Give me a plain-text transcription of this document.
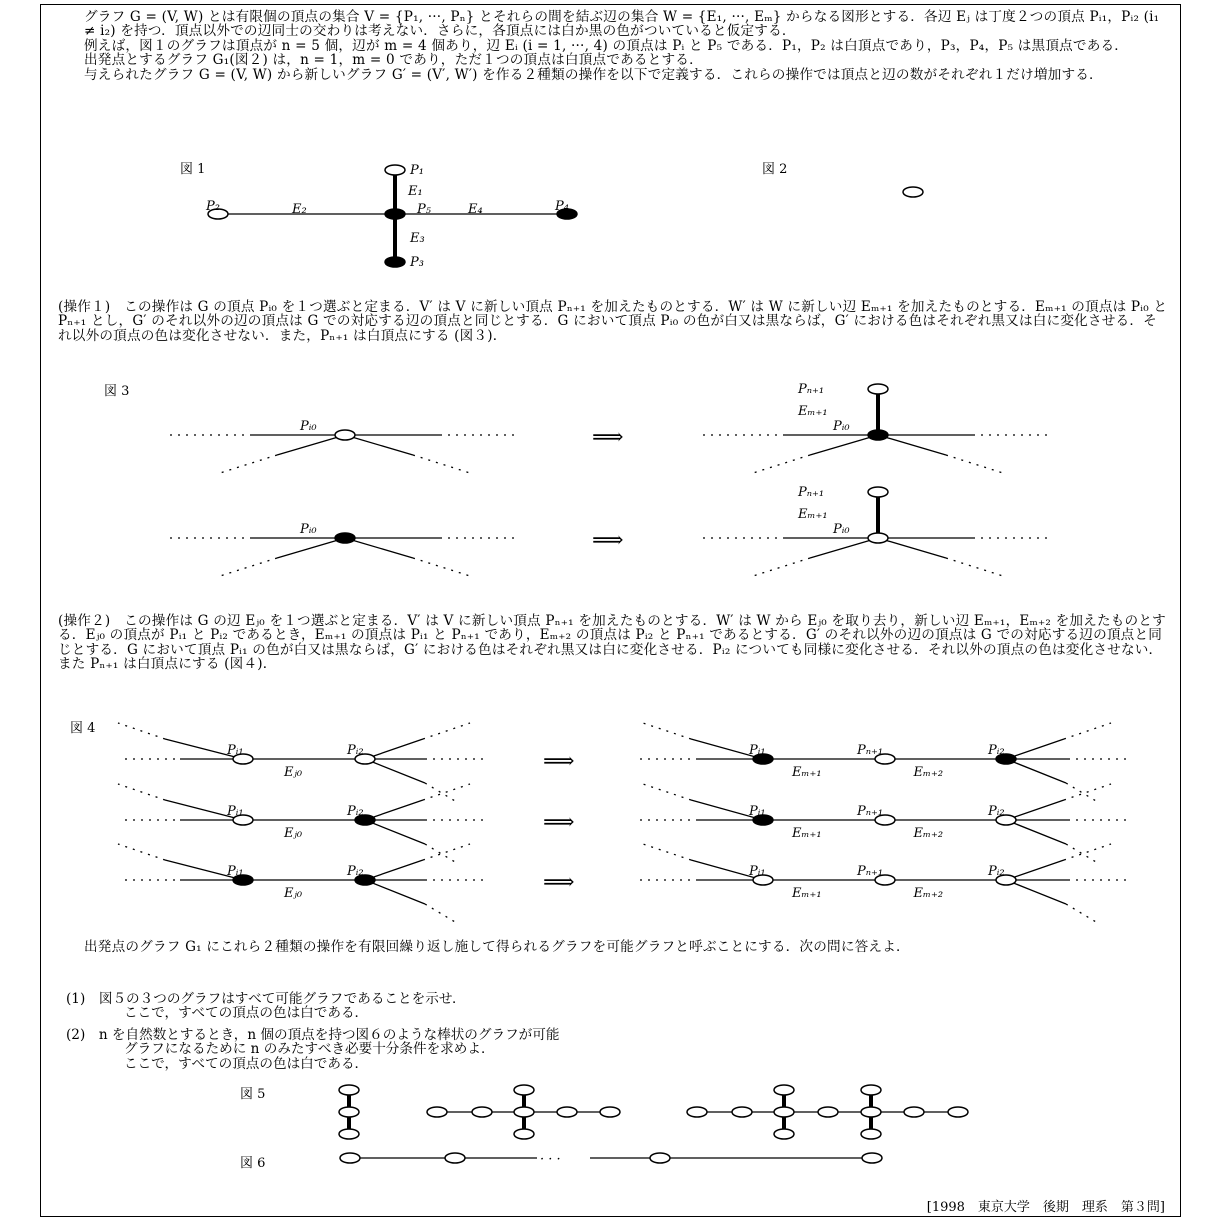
グラフ G = (V, W) とは有限個の頂点の集合 V = {P₁, ···, Pₙ} とそれらの間を結ぶ辺の集合 W = {E₁, ···, Eₘ} からなる図形とする．各辺 Eⱼ は丁度２つの頂点 Pᵢ₁，Pᵢ₂ (i₁ ≠ i₂) を持つ．頂点以外での辺同士の交わりは考えない．さらに，各頂点には白か黒の色がついていると仮定する．

例えば，図１のグラフは頂点が n = 5 個，辺が m = 4 個あり，辺 Eᵢ (i = 1, ···, 4) の頂点は Pᵢ と P₅ である．P₁，P₂ は白頂点であり，P₃，P₄，P₅ は黒頂点である．

出発点とするグラフ G₁(図２) は，n = 1，m = 0 であり，ただ１つの頂点は白頂点であるとする．

与えられたグラフ G = (V, W) から新しいグラフ G′ = (V′, W′) を作る２種類の操作を以下で定義する．これらの操作では頂点と辺の数がそれぞれ１だけ増加する．

(操作１)　この操作は G の頂点 Pᵢ₀ を１つ選ぶと定まる．V′ は V に新しい頂点 Pₙ₊₁ を加えたものとする．W′ は W に新しい辺 Eₘ₊₁ を加えたものとする．Eₘ₊₁ の頂点は Pᵢ₀ と Pₙ₊₁ とし，G′ のそれ以外の辺の頂点は G での対応する辺の頂点と同じとする．G において頂点 Pᵢ₀ の色が白又は黒ならば，G′ における色はそれぞれ黒又は白に変化させる．それ以外の頂点の色は変化させない．また，Pₙ₊₁ は白頂点にする (図３)．

(操作２)　この操作は G の辺 Eⱼ₀ を１つ選ぶと定まる．V′ は V に新しい頂点 Pₙ₊₁ を加えたものとする．W′ は W から Eⱼ₀ を取り去り，新しい辺 Eₘ₊₁，Eₘ₊₂ を加えたものとする．Eⱼ₀ の頂点が Pᵢ₁ と Pᵢ₂ であるとき，Eₘ₊₁ の頂点は Pᵢ₁ と Pₙ₊₁ であり，Eₘ₊₂ の頂点は Pᵢ₂ と Pₙ₊₁ であるとする．G′ のそれ以外の辺の頂点は G での対応する辺の頂点と同じとする．G において頂点 Pᵢ₁ の色が白又は黒ならば，G′ における色はそれぞれ黒又は白に変化させる．Pᵢ₂ についても同様に変化させる．それ以外の頂点の色は変化させない．また Pₙ₊₁ は白頂点にする (図４)．

出発点のグラフ G₁ にこれら２種類の操作を有限回繰り返し施して得られるグラフを可能グラフと呼ぶことにする．次の問に答えよ．

(1)　 図５の３つのグラフはすべて可能グラフであることを示せ．

ここで，すべての頂点の色は白である．

(2)　 n を自然数とするとき，n 個の頂点を持つ図６のような棒状のグラフが可能

グラフになるために n のみたすべき必要十分条件を求めよ．

ここで，すべての頂点の色は白である．

図 1	図 2
図 3
図 4
図 5
図 6
P₁
P₂
P₃
P₄
P₅
E₁
E₂
E₃
E₄
Pᵢ₀	⟹
Pₙ₊₁
Eₘ₊₁
Pᵢ₀
Pᵢ₀	⟹
Pₙ₊₁
Eₘ₊₁
Pᵢ₀
Pᵢ₁	Pᵢ₂
Eⱼ₀	⟹	Pᵢ₁	Pₙ₊₁	Pᵢ₂
Eₘ₊₁	Eₘ₊₂
Pᵢ₁	Pᵢ₂
Eⱼ₀	⟹	Pᵢ₁	Pₙ₊₁	Pᵢ₂
Eₘ₊₁	Eₘ₊₂
Pᵢ₁	Pᵢ₂
Eⱼ₀	⟹	Pᵢ₁	Pₙ₊₁	Pᵢ₂
Eₘ₊₁	Eₘ₊₂
· · ·
[1998　東京大学　後期　理系　第３問]
